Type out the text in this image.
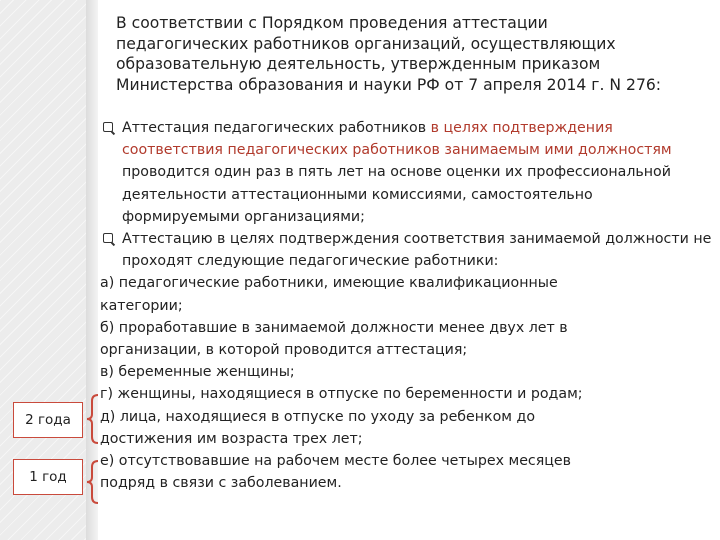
В соответствии с Порядком проведения аттестации
педагогических работников организаций, осуществляющих
образовательную деятельность, утвержденным приказом
Министерства образования и науки РФ от 7 апреля 2014 г. N 276:
Аттестация педагогических работников в целях подтверждения соответствия педагогических работников занимаемым ими должностям проводится один раз в пять лет на основе оценки их профессиональной деятельности аттестационными комиссиями, самостоятельно формируемыми организациями;
Аттестацию в целях подтверждения соответствия занимаемой должности не проходят следующие педагогические работники:
а) педагогические работники, имеющие квалификационные
категории;
б) проработавшие в занимаемой должности менее двух лет в
организации, в которой проводится аттестация;
в) беременные женщины;
г) женщины, находящиеся в отпуске по беременности и родам;
д) лица, находящиеся в отпуске по уходу за ребенком до
достижения им возраста трех лет;
е) отсутствовавшие на рабочем месте более четырех месяцев
подряд в связи с заболеванием.
2 года
1 год
